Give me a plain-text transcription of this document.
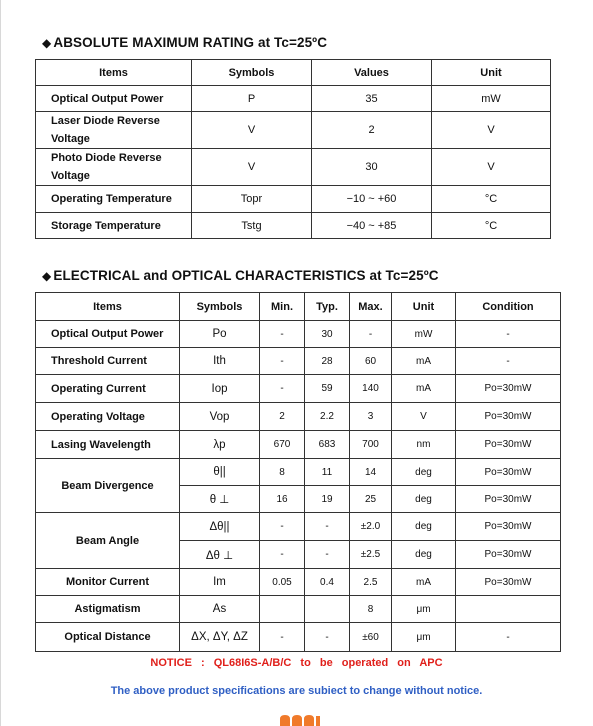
◆ ABSOLUTE MAXIMUM RATING at Tc=25ºC
Items	Symbols	Values	Unit
Optical Output Power	P	35	mW
Laser Diode Reverse Voltage	V	2	V
Photo Diode Reverse Voltage	V	30	V
Operating Temperature	Topr	−10 ~ +60	°C
Storage Temperature	Tstg	−40 ~ +85	°C
◆ ELECTRICAL and OPTICAL CHARACTERISTICS at Tc=25ºC
Items	Symbols	Min.	Typ.	Max.	Unit	Condition
Optical Output Power	Po	-	30	-	mW	-
Threshold Current	Ith	-	28	60	mA	-
Operating Current	Iop	-	59	140	mA	Po=30mW
Operating Voltage	Vop	2	2.2	3	V	Po=30mW
Lasing Wavelength	λp	670	683	700	nm	Po=30mW
Beam Divergence	θ||	8	11	14	deg	Po=30mW
	θ ⊥	16	19	25	deg	Po=30mW
Beam Angle	Δθ||	-	-	±2.0	deg	Po=30mW
	Δθ ⊥	-	-	±2.5	deg	Po=30mW
Monitor Current	Im	0.05	0.4	2.5	mA	Po=30mW
Astigmatism	As			8	μm	
Optical Distance	ΔX, ΔY, ΔZ	-	-	±60	μm	-
NOTICE : QL68I6S-A/B/C to be operated on APC
The above product specifications are subiect to change without notice.
